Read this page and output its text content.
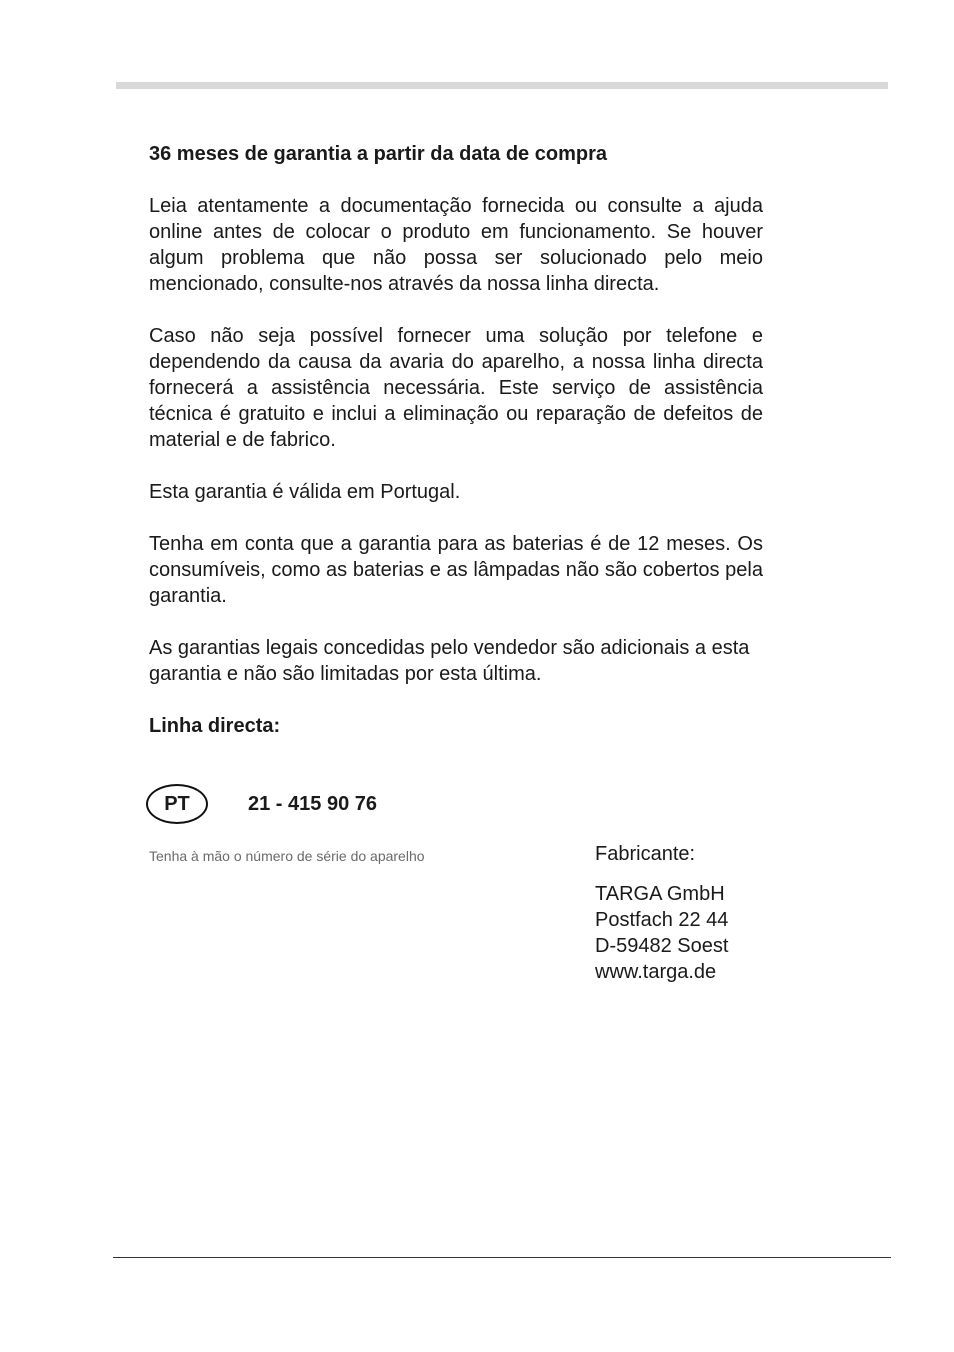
36 meses de garantia a partir da data de compra

Leia atentamente a documentação fornecida ou consulte a ajuda online antes de colocar o produto em funcionamento. Se houver algum problema que não possa ser solucionado pelo meio mencionado, consulte-nos através da nossa linha directa.

Caso não seja possível fornecer uma solução por telefone e dependendo da causa da avaria do aparelho, a nossa linha directa fornecerá a assistência necessária. Este serviço de assistência técnica é gratuito e inclui a eliminação ou reparação de defeitos de material e de fabrico.

Esta garantia é válida em Portugal.

Tenha em conta que a garantia para as baterias é de 12 meses. Os consumíveis, como as baterias e as lâmpadas não são cobertos pela garantia.

As garantias legais concedidas pelo vendedor são adicionais a esta garantia e não são limitadas por esta última.

Linha directa:
PT	21 - 415 90 76
Tenha à mão o número de série do aparelho	Fabricante:
TARGA GmbH
Postfach 22 44
D-59482 Soest
www.targa.de
